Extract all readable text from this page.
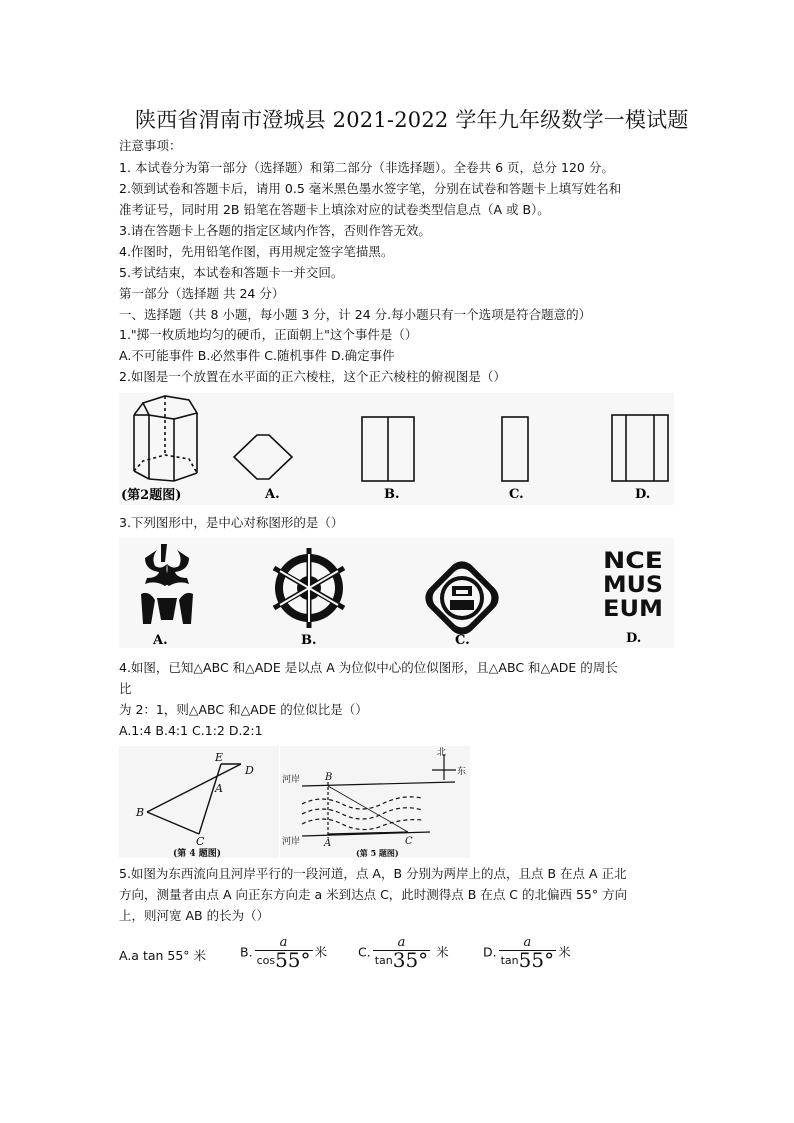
陕西省渭南市澄城县 2021-2022 学年九年级数学一模试题
注意事项：
1. 本试卷分为第一部分（选择题）和第二部分（非选择题）。全卷共 6 页，总分 120 分。
2.领到试卷和答题卡后，请用 0.5 毫米黑色墨水签字笔，分别在试卷和答题卡上填写姓名和
准考证号，同时用 2B 铅笔在答题卡上填涂对应的试卷类型信息点（A 或 B）。
3.请在答题卡上各题的指定区域内作答，否则作答无效。
4.作图时，先用铅笔作图，再用规定签字笔描黑。
5.考试结束，本试卷和答题卡一并交回。
第一部分（选择题 共 24 分）
一、选择题（共 8 小题，每小题 3 分，计 24 分.每小题只有一个选项是符合题意的）
1."掷一枚质地均匀的硬币，正面朝上"这个事件是（）
A.不可能事件 B.必然事件 C.随机事件 D.确定事件
2.如图是一个放置在水平面的正六棱柱，这个正六棱柱的俯视图是（）
(第2题图)	A.	B.	C.	D.
3.下列图形中，是中心对称图形的是（）
NCE
MUS
EUM
A.	B.	C.	D.
4.如图，已知△ABC 和△ADE 是以点 A 为位似中心的位似图形，且△ABC 和△ADE 的周长
比
为 2：1，则△ABC 和△ADE 的位似比是（）
A.1:4 B.4:1 C.1:2 D.2:1
E
D
A
B
C
(第 4 题图)
北
东
河岸
河岸
B
A	C
(第 5 题图)
5.如图为东西流向且河岸平行的一段河道，点 A，B 分别为两岸上的点，且点 B 在点 A 正北
方向，测量者由点 A 向正东方向走 a 米到达点 C，此时测得点 B 在点 C 的北偏西 55° 方向
上，则河宽 AB 的长为（）
A.a tan 55° 米	B. $\frac{a}{\cos 55^\circ}$ 米 C. $\frac{a}{\tan 35^\circ}$ 米	D. $\frac{a}{\tan 55^\circ}$ 米
